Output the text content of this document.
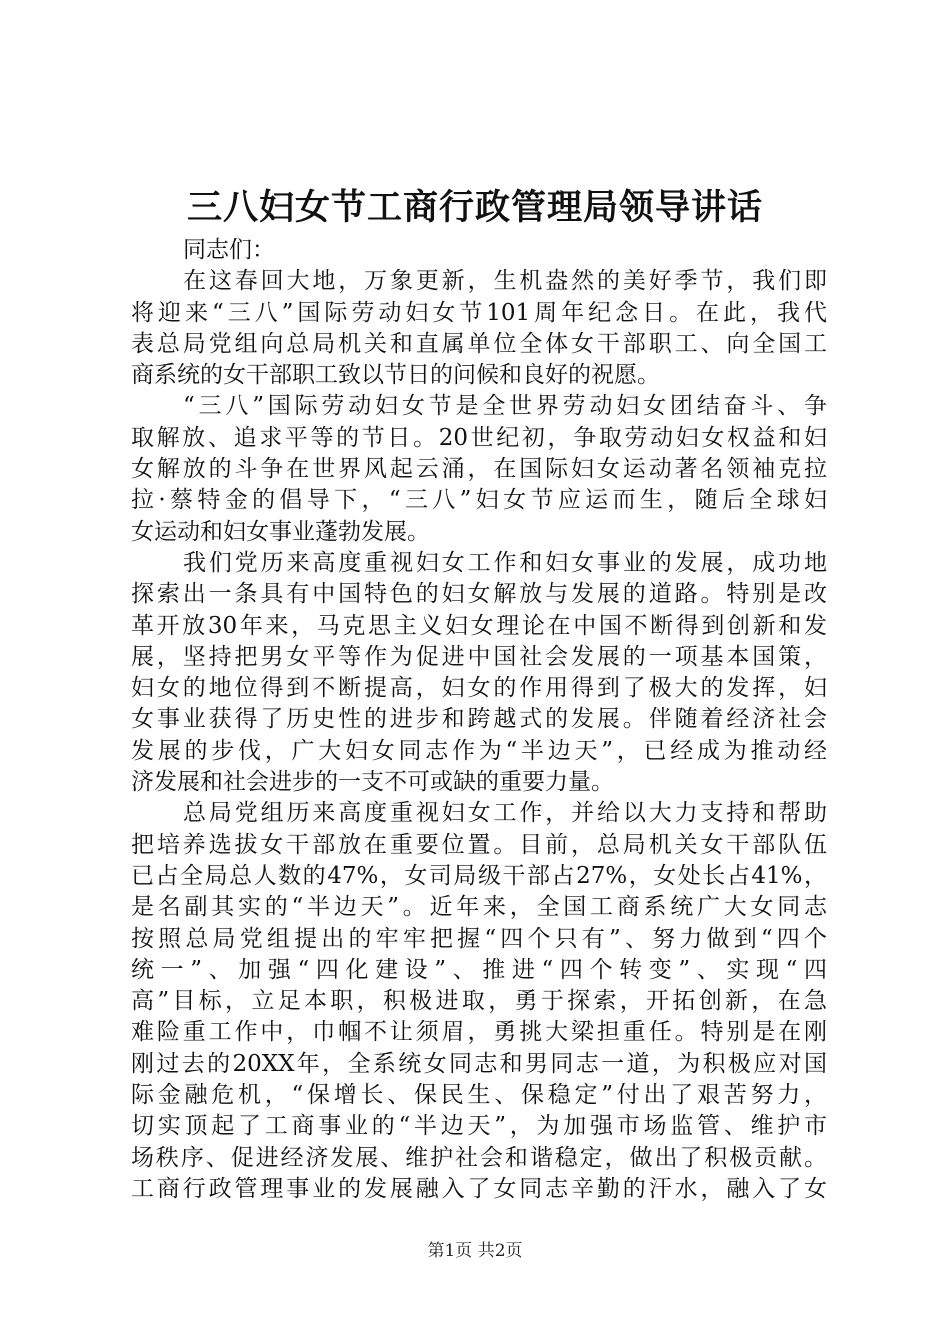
三八妇女节工商行政管理局领导讲话
同志们：
在这春回大地，万象更新，生机盎然的美好季节，我们即
将迎来“三八”国际劳动妇女节101周年纪念日。在此，我代
表总局党组向总局机关和直属单位全体女干部职工、向全国工
商系统的女干部职工致以节日的问候和良好的祝愿。
“三八”国际劳动妇女节是全世界劳动妇女团结奋斗、争
取解放、追求平等的节日。20世纪初，争取劳动妇女权益和妇
女解放的斗争在世界风起云涌，在国际妇女运动著名领袖克拉
拉·蔡特金的倡导下，“三八”妇女节应运而生，随后全球妇
女运动和妇女事业蓬勃发展。
我们党历来高度重视妇女工作和妇女事业的发展，成功地
探索出一条具有中国特色的妇女解放与发展的道路。特别是改
革开放30年来，马克思主义妇女理论在中国不断得到创新和发
展，坚持把男女平等作为促进中国社会发展的一项基本国策，
妇女的地位得到不断提高，妇女的作用得到了极大的发挥，妇
女事业获得了历史性的进步和跨越式的发展。伴随着经济社会
发展的步伐，广大妇女同志作为“半边天”，已经成为推动经
济发展和社会进步的一支不可或缺的重要力量。
总局党组历来高度重视妇女工作，并给以大力支持和帮助
把培养选拔女干部放在重要位置。目前，总局机关女干部队伍
已占全局总人数的47%，女司局级干部占27%，女处长占41%，
是名副其实的“半边天”。近年来，全国工商系统广大女同志
按照总局党组提出的牢牢把握“四个只有”、努力做到“四个
统一”、加强“四化建设”、推进“四个转变”、实现“四
高”目标，立足本职，积极进取，勇于探索，开拓创新，在急
难险重工作中，巾帼不让须眉，勇挑大梁担重任。特别是在刚
刚过去的20XX年，全系统女同志和男同志一道，为积极应对国
际金融危机，“保增长、保民生、保稳定”付出了艰苦努力，
切实顶起了工商事业的“半边天”，为加强市场监管、维护市
场秩序、促进经济发展、维护社会和谐稳定，做出了积极贡献。
工商行政管理事业的发展融入了女同志辛勤的汗水，融入了女
第1页 共2页
